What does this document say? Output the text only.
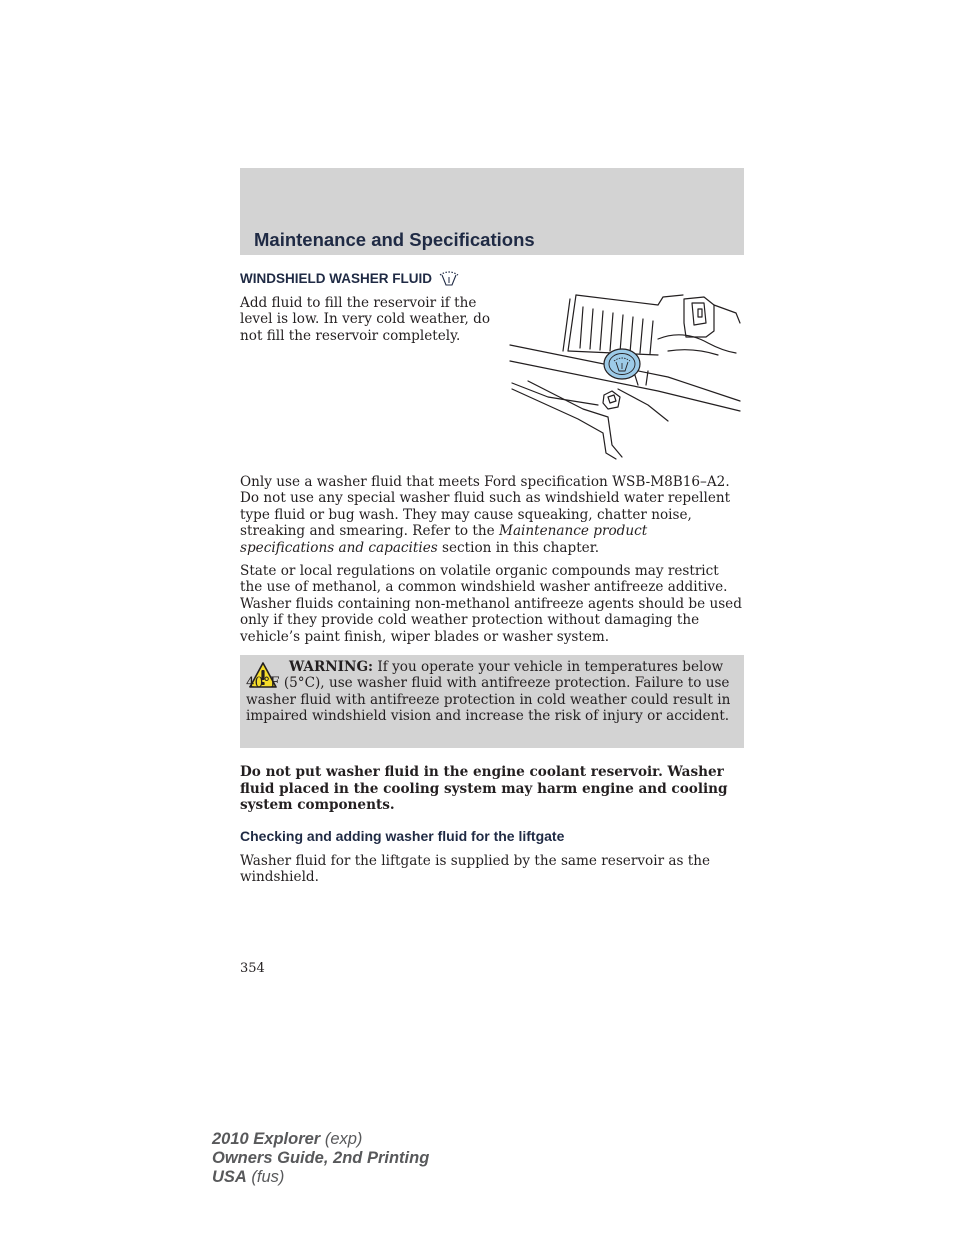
Maintenance and Specifications
WINDSHIELD WASHER FLUID

Add fluid to fill the reservoir if the level is low. In very cold weather, do not fill the reservoir completely.

Only use a washer fluid that meets Ford specification WSB-M8B16–A2. Do not use any special washer fluid such as windshield water repellent type fluid or bug wash. They may cause squeaking, chatter noise, streaking and smearing. Refer to the Maintenance product specifications and capacities section in this chapter.

State or local regulations on volatile organic compounds may restrict the use of methanol, a common windshield washer antifreeze additive. Washer fluids containing non-methanol antifreeze agents should be used only if they provide cold weather protection without damaging the vehicle’s paint finish, wiper blades or washer system.

WARNING: If you operate your vehicle in temperatures below 40°F (5°C), use washer fluid with antifreeze protection. Failure to use washer fluid with antifreeze protection in cold weather could result in impaired windshield vision and increase the risk of injury or accident.

Do not put washer fluid in the engine coolant reservoir. Washer fluid placed in the cooling system may harm engine and cooling system components.

Checking and adding washer fluid for the liftgate

Washer fluid for the liftgate is supplied by the same reservoir as the windshield.

354

2010 Explorer (exp)
Owners Guide, 2nd Printing
USA (fus)
